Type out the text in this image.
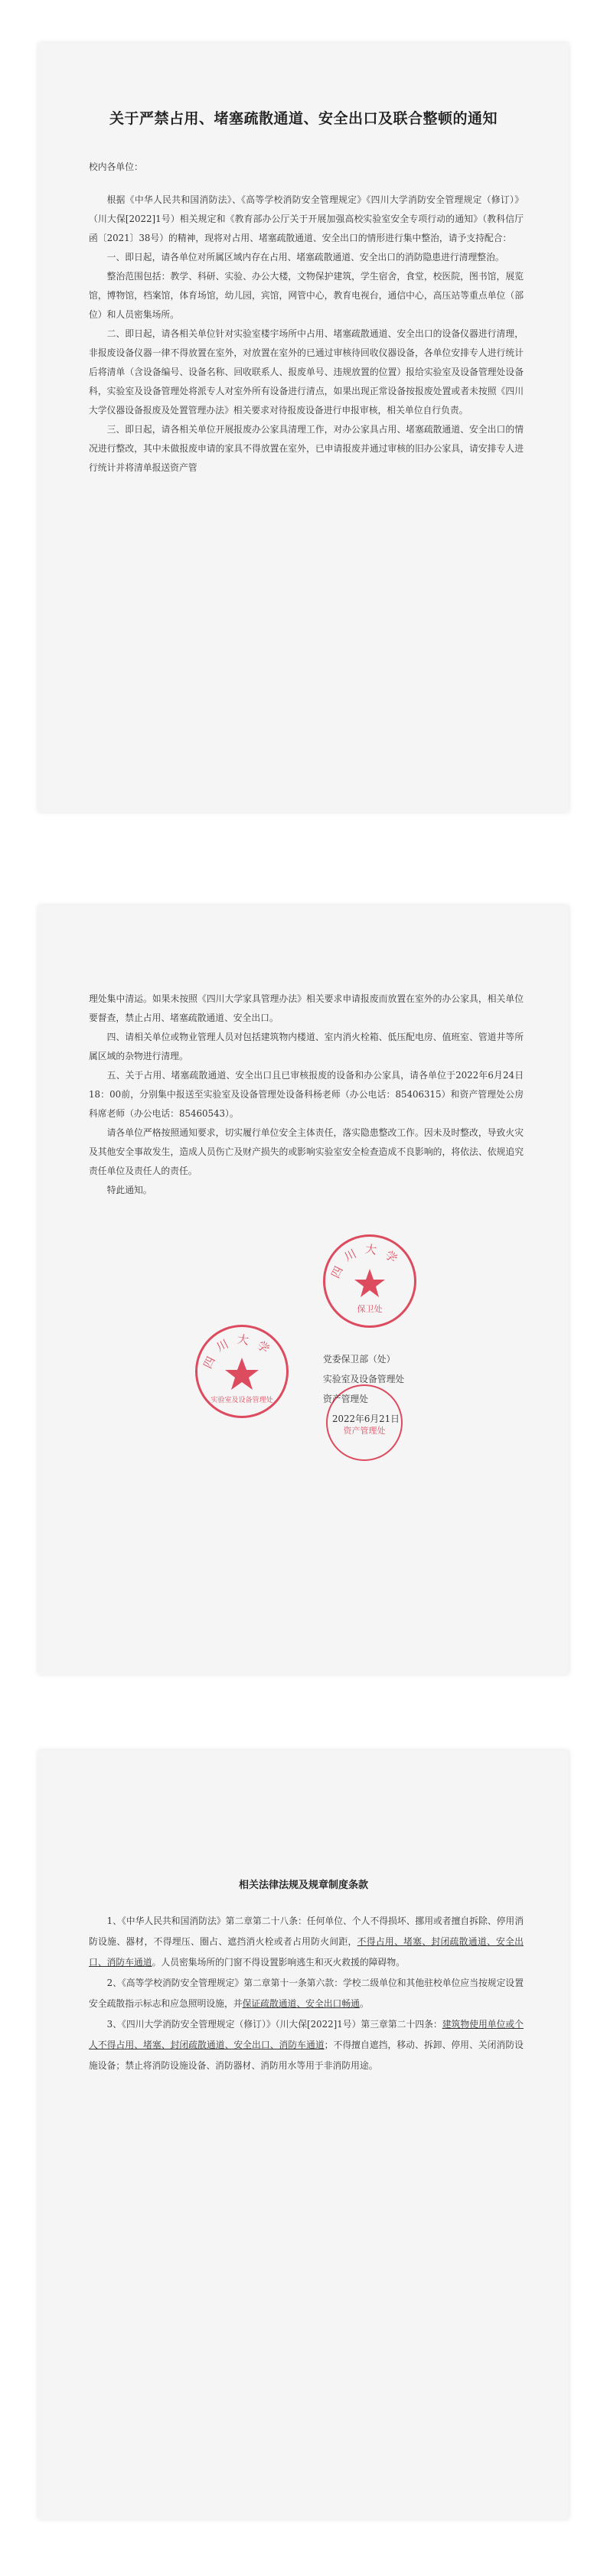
关于严禁占用、堵塞疏散通道、安全出口及联合整顿的通知

校内各单位：

根据《中华人民共和国消防法》、《高等学校消防安全管理规定》《四川大学消防安全管理规定（修订）》（川大保[2022]1号）相关规定和《教育部办公厅关于开展加强高校实验室安全专项行动的通知》（教科信厅函〔2021〕38号）的精神，现将对占用、堵塞疏散通道、安全出口的情形进行集中整治，请予支持配合：

一、即日起，请各单位对所属区域内存在占用、堵塞疏散通道、安全出口的消防隐患进行清理整治。

整治范围包括：教学、科研、实验、办公大楼，文物保护建筑，学生宿舍，食堂，校医院，图书馆，展览馆，博物馆，档案馆，体育场馆，幼儿园，宾馆，网管中心，教育电视台，通信中心，高压站等重点单位（部位）和人员密集场所。

二、即日起，请各相关单位针对实验室楼宇场所中占用、堵塞疏散通道、安全出口的设备仪器进行清理，非报废设备仪器一律不得放置在室外，对放置在室外的已通过审核待回收仪器设备，各单位安排专人进行统计后将清单（含设备编号、设备名称、回收联系人、报废单号、违规放置的位置）报给实验室及设备管理处设备科，实验室及设备管理处将派专人对室外所有设备进行清点，如果出现正常设备按报废处置或者未按照《四川大学仪器设备报废及处置管理办法》相关要求对待报废设备进行申报审核，相关单位自行负责。

三、即日起，请各相关单位开展报废办公家具清理工作，对办公家具占用、堵塞疏散通道、安全出口的情况进行整改，其中未做报废申请的家具不得放置在室外，已申请报废并通过审核的旧办公家具，请安排专人进行统计并将清单报送资产管

理处集中清运。如果未按照《四川大学家具管理办法》相关要求申请报废而放置在室外的办公家具，相关单位要督查，禁止占用、堵塞疏散通道、安全出口。

四、请相关单位或物业管理人员对包括建筑物内楼道、室内消火栓箱、低压配电房、值班室、管道井等所属区域的杂物进行清理。

五、关于占用、堵塞疏散通道、安全出口且已审核报废的设备和办公家具，请各单位于2022年6月24日18：00前，分别集中报送至实验室及设备管理处设备科杨老师（办公电话：85406315）和资产管理处公房科席老师（办公电话：85460543）。

请各单位严格按照通知要求，切实履行单位安全主体责任，落实隐患整改工作。因未及时整改，导致火灾及其他安全事故发生，造成人员伤亡及财产损失的或影响实验室安全检查造成不良影响的，将依法、依规追究责任单位及责任人的责任。

特此通知。

四川大学
保卫处
四川大学
实验室及设备管理处
资产管理处
党委保卫部（处）
实验室及设备管理处
资产管理处
2022年6月21日
相关法律法规及规章制度条款

1、《中华人民共和国消防法》第二章第二十八条：任何单位、个人不得损坏、挪用或者擅自拆除、停用消防设施、器材，不得埋压、圈占、遮挡消火栓或者占用防火间距，不得占用、堵塞、封闭疏散通道、安全出口、消防车通道。人员密集场所的门窗不得设置影响逃生和灭火救援的障碍物。

2、《高等学校消防安全管理规定》第二章第十一条第六款：学校二级单位和其他驻校单位应当按规定设置安全疏散指示标志和应急照明设施，并保证疏散通道、安全出口畅通。

3、《四川大学消防安全管理规定（修订）》（川大保[2022]1号）第三章第二十四条：建筑物使用单位或个人不得占用、堵塞、封闭疏散通道、安全出口、消防车通道；不得擅自遮挡，移动、拆卸、停用、关闭消防设施设备；禁止将消防设施设备、消防器材、消防用水等用于非消防用途。
